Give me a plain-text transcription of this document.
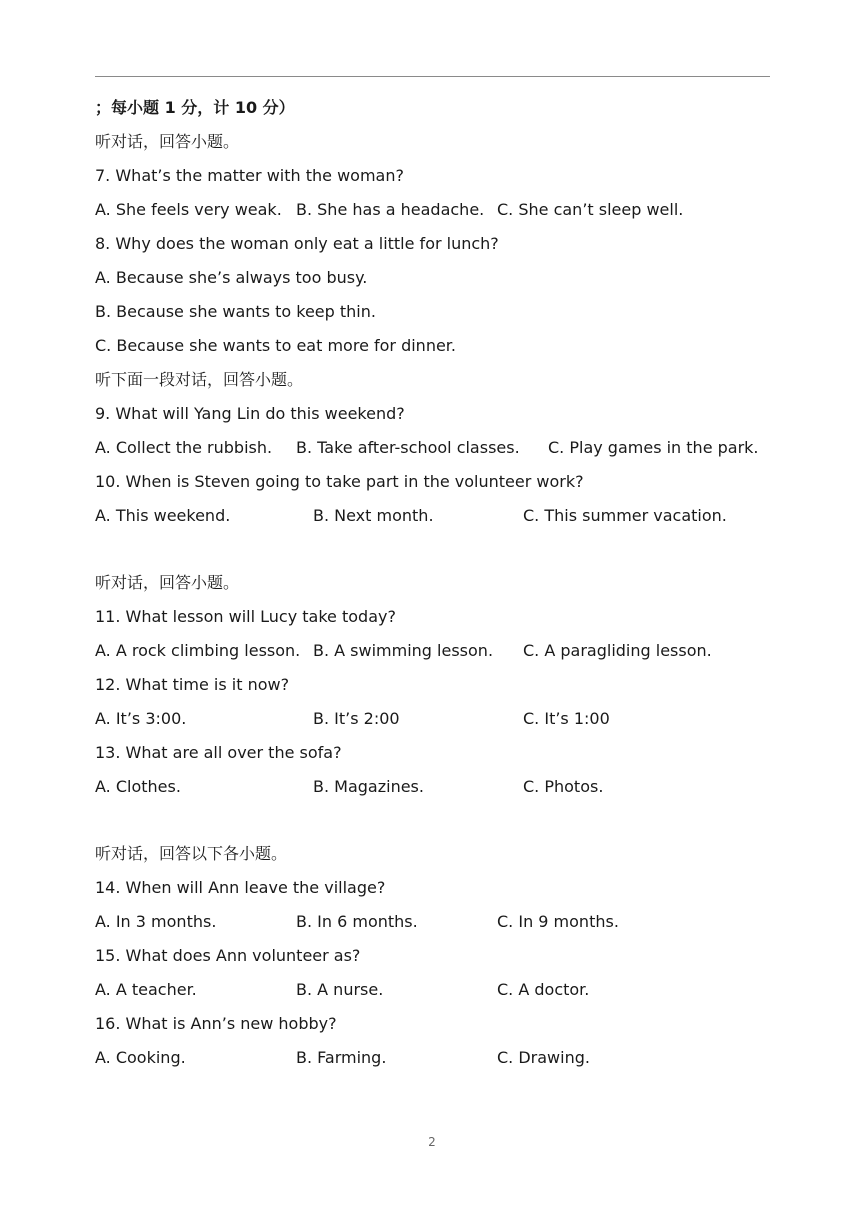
；每小题 1 分，计 10 分）
听对话，回答小题。
7. What’s the matter with the woman?
A. She feels very weak. B. She has a headache. C. She can’t sleep well.
8. Why does the woman only eat a little for lunch?
A. Because she’s always too busy.
B. Because she wants to keep thin.
C. Because she wants to eat more for dinner.
听下面一段对话，回答小题。
9. What will Yang Lin do this weekend?
A. Collect the rubbish. B. Take after-school classes. C. Play games in the park.
10. When is Steven going to take part in the volunteer work?
A. This weekend.	B. Next month.	C. This summer vacation.
听对话，回答小题。
11. What lesson will Lucy take today?
A. A rock climbing lesson. B. A swimming lesson. C. A paragliding lesson.
12. What time is it now?
A. It’s 3:00.	B. It’s 2:00	C. It’s 1:00
13. What are all over the sofa?
A. Clothes.	B. Magazines.	C. Photos.
听对话，回答以下各小题。
14. When will Ann leave the village?
A. In 3 months.	B. In 6 months.	C. In 9 months.
15. What does Ann volunteer as?
A. A teacher.	B. A nurse.	C. A doctor.
16. What is Ann’s new hobby?
A. Cooking.	B. Farming.	C. Drawing.
2
